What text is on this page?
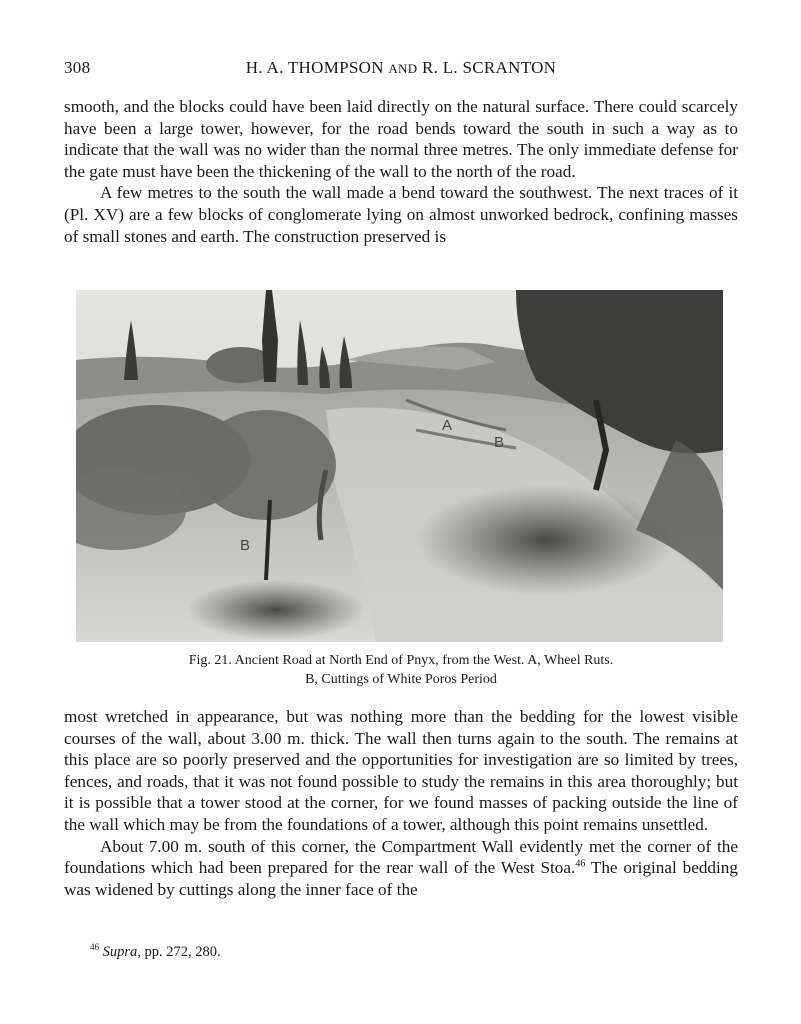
308	H. A. THOMPSON AND R. L. SCRANTON

smooth, and the blocks could have been laid directly on the natural surface. There could scarcely have been a large tower, however, for the road bends toward the south in such a way as to indicate that the wall was no wider than the normal three metres. The only immediate defense for the gate must have been the thickening of the wall to the north of the road.

A few metres to the south the wall made a bend toward the southwest. The next traces of it (Pl. XV) are a few blocks of conglomerate lying on almost unworked bedrock, confining masses of small stones and earth. The construction preserved is

A
B
B
Fig. 21. Ancient Road at North End of Pnyx, from the West. A, Wheel Ruts.
B, Cuttings of White Poros Period

most wretched in appearance, but was nothing more than the bedding for the lowest visible courses of the wall, about 3.00 m. thick. The wall then turns again to the south. The remains at this place are so poorly preserved and the opportunities for investigation are so limited by trees, fences, and roads, that it was not found possible to study the remains in this area thoroughly; but it is possible that a tower stood at the corner, for we found masses of packing outside the line of the wall which may be from the foundations of a tower, although this point remains unsettled.

About 7.00 m. south of this corner, the Compartment Wall evidently met the corner of the foundations which had been prepared for the rear wall of the West Stoa.$^{46}$ The original bedding was widened by cuttings along the inner face of the

$^{46}$ Supra, pp. 272, 280.
